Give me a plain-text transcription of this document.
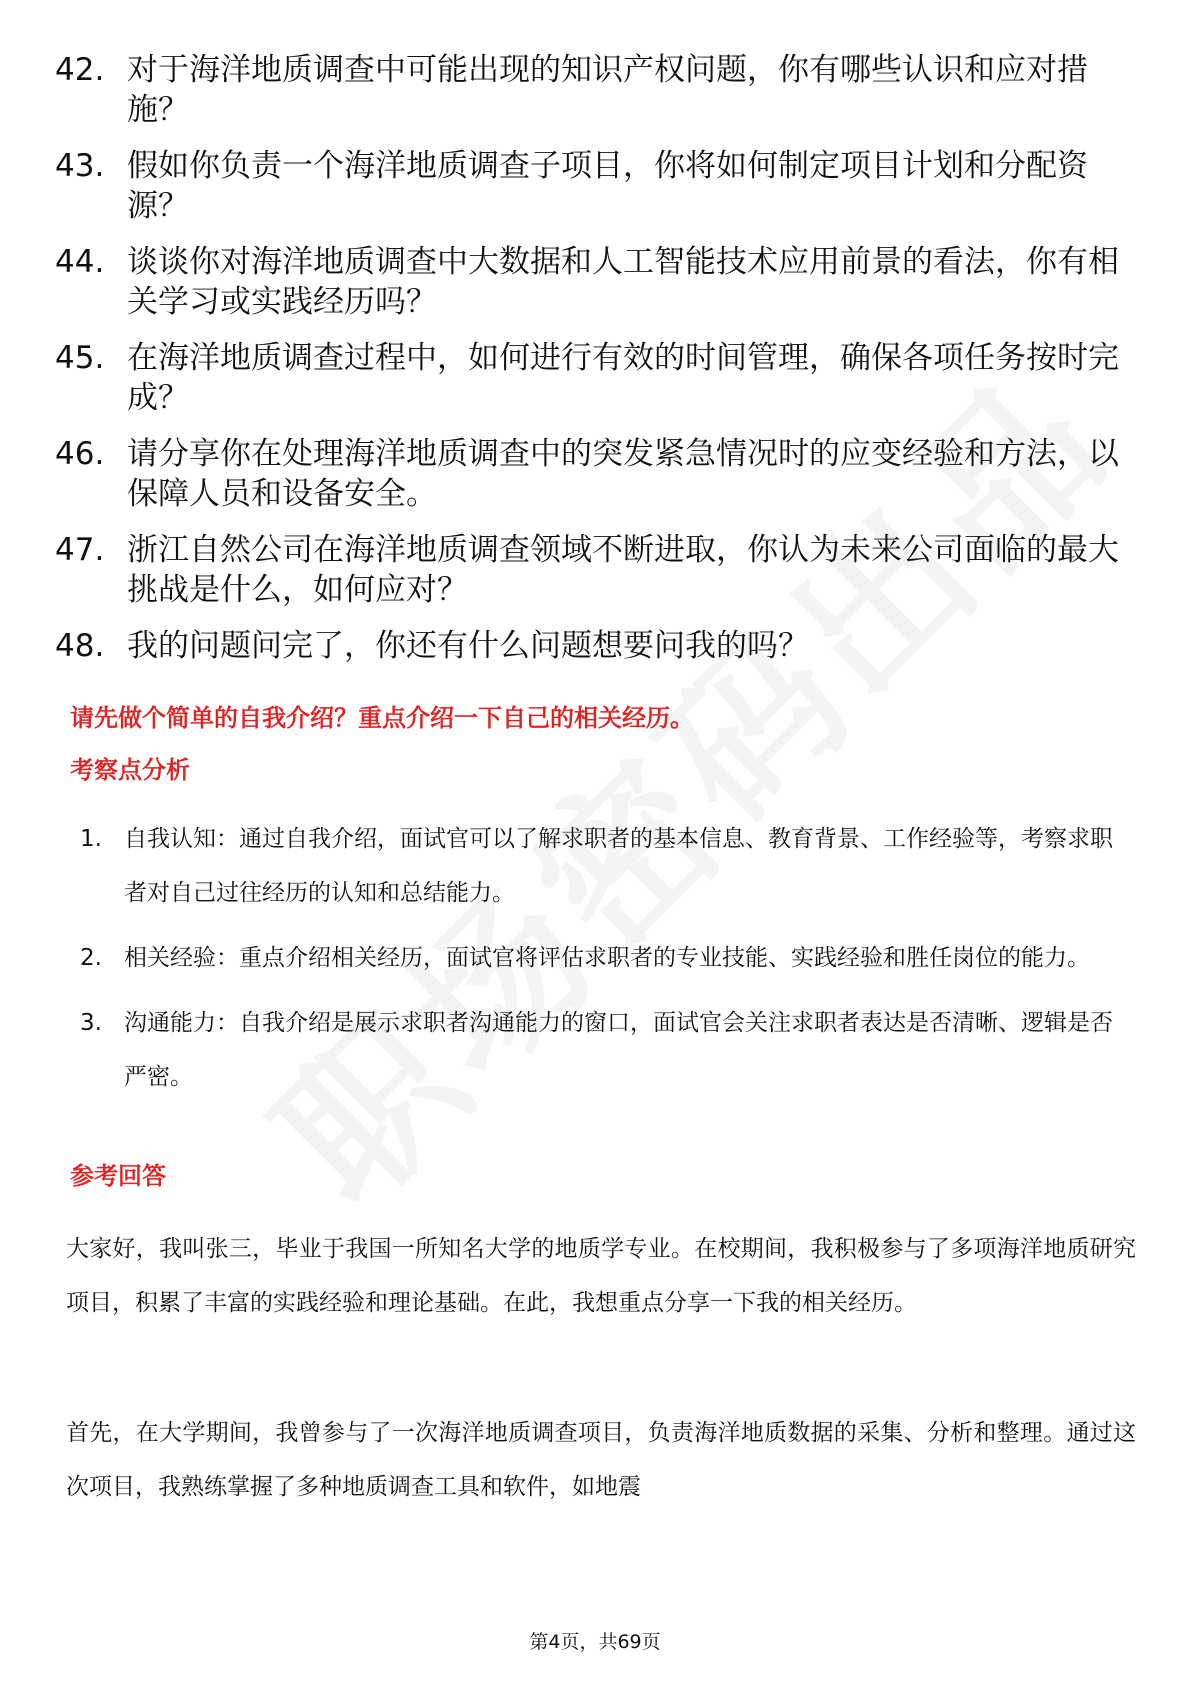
42. 对于海洋地质调查中可能出现的知识产权问题，你有哪些认识和应对措施？
43. 假如你负责一个海洋地质调查子项目，你将如何制定项目计划和分配资源？
44. 谈谈你对海洋地质调查中大数据和人工智能技术应用前景的看法，你有相关学习或实践经历吗？
45. 在海洋地质调查过程中，如何进行有效的时间管理，确保各项任务按时完成？
46. 请分享你在处理海洋地质调查中的突发紧急情况时的应变经验和方法，以保障人员和设备安全。
47. 浙江自然公司在海洋地质调查领域不断进取，你认为未来公司面临的最大挑战是什么，如何应对？
48. 我的问题问完了，你还有什么问题想要问我的吗？
请先做个简单的自我介绍？重点介绍一下自己的相关经历。
考察点分析
1. 自我认知：通过自我介绍，面试官可以了解求职者的基本信息、教育背景、工作经验等，考察求职者对自己过往经历的认知和总结能力。
2. 相关经验：重点介绍相关经历，面试官将评估求职者的专业技能、实践经验和胜任岗位的能力。
3. 沟通能力：自我介绍是展示求职者沟通能力的窗口，面试官会关注求职者表达是否清晰、逻辑是否严密。
参考回答
大家好，我叫张三，毕业于我国一所知名大学的地质学专业。在校期间，我积极参与了多项海洋地质研究项目，积累了丰富的实践经验和理论基础。在此，我想重点分享一下我的相关经历。
首先，在大学期间，我曾参与了一次海洋地质调查项目，负责海洋地质数据的采集、分析和整理。通过这次项目，我熟练掌握了多种地质调查工具和软件，如地震
第4页，共69页
